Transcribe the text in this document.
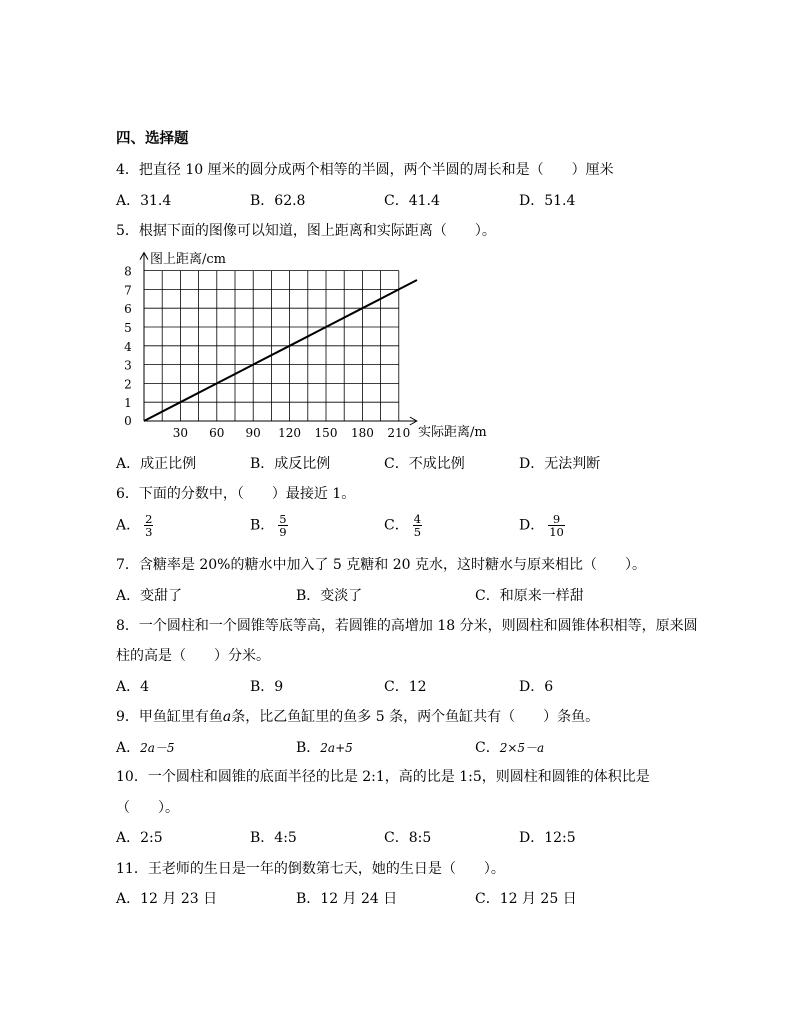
四、选择题
4．把直径 10 厘米的圆分成两个相等的半圆，两个半圆的周长和是（　　）厘米
A．31.4	B．62.8	C．41.4	D．51.4
5．根据下面的图像可以知道，图上距离和实际距离（　　）。
0
1
2
3
4
5
6
7
8
30 60 90 120 150 180 210
图上距离/cm
实际距离/m
A．成正比例	B．成反比例	C．不成比例	D．无法判断
6．下面的分数中，（　　）最接近 1。
A． $\frac{2}{3}$	B． $\frac{5}{9}$	C． $\frac{4}{5}$	D． $\frac{9}{10}$
7．含糖率是 20%的糖水中加入了 5 克糖和 20 克水，这时糖水与原来相比（　　）。
A．变甜了	B．变淡了	C．和原来一样甜
8．一个圆柱和一个圆锥等底等高，若圆锥的高增加 18 分米，则圆柱和圆锥体积相等，原来圆
柱的高是（　　）分米。
A．4	B．9	C．12	D．6
9．甲鱼缸里有鱼a条，比乙鱼缸里的鱼多 5 条，两个鱼缸共有（　　）条鱼。
A．2a－5	B．2a+5	C．2×5－a
10．一个圆柱和圆锥的底面半径的比是 2:1，高的比是 1:5，则圆柱和圆锥的体积比是
（　　）。
A．2:5	B．4:5	C．8:5	D．12:5
11．王老师的生日是一年的倒数第七天，她的生日是（　　）。
A．12 月 23 日	B．12 月 24 日	C．12 月 25 日
